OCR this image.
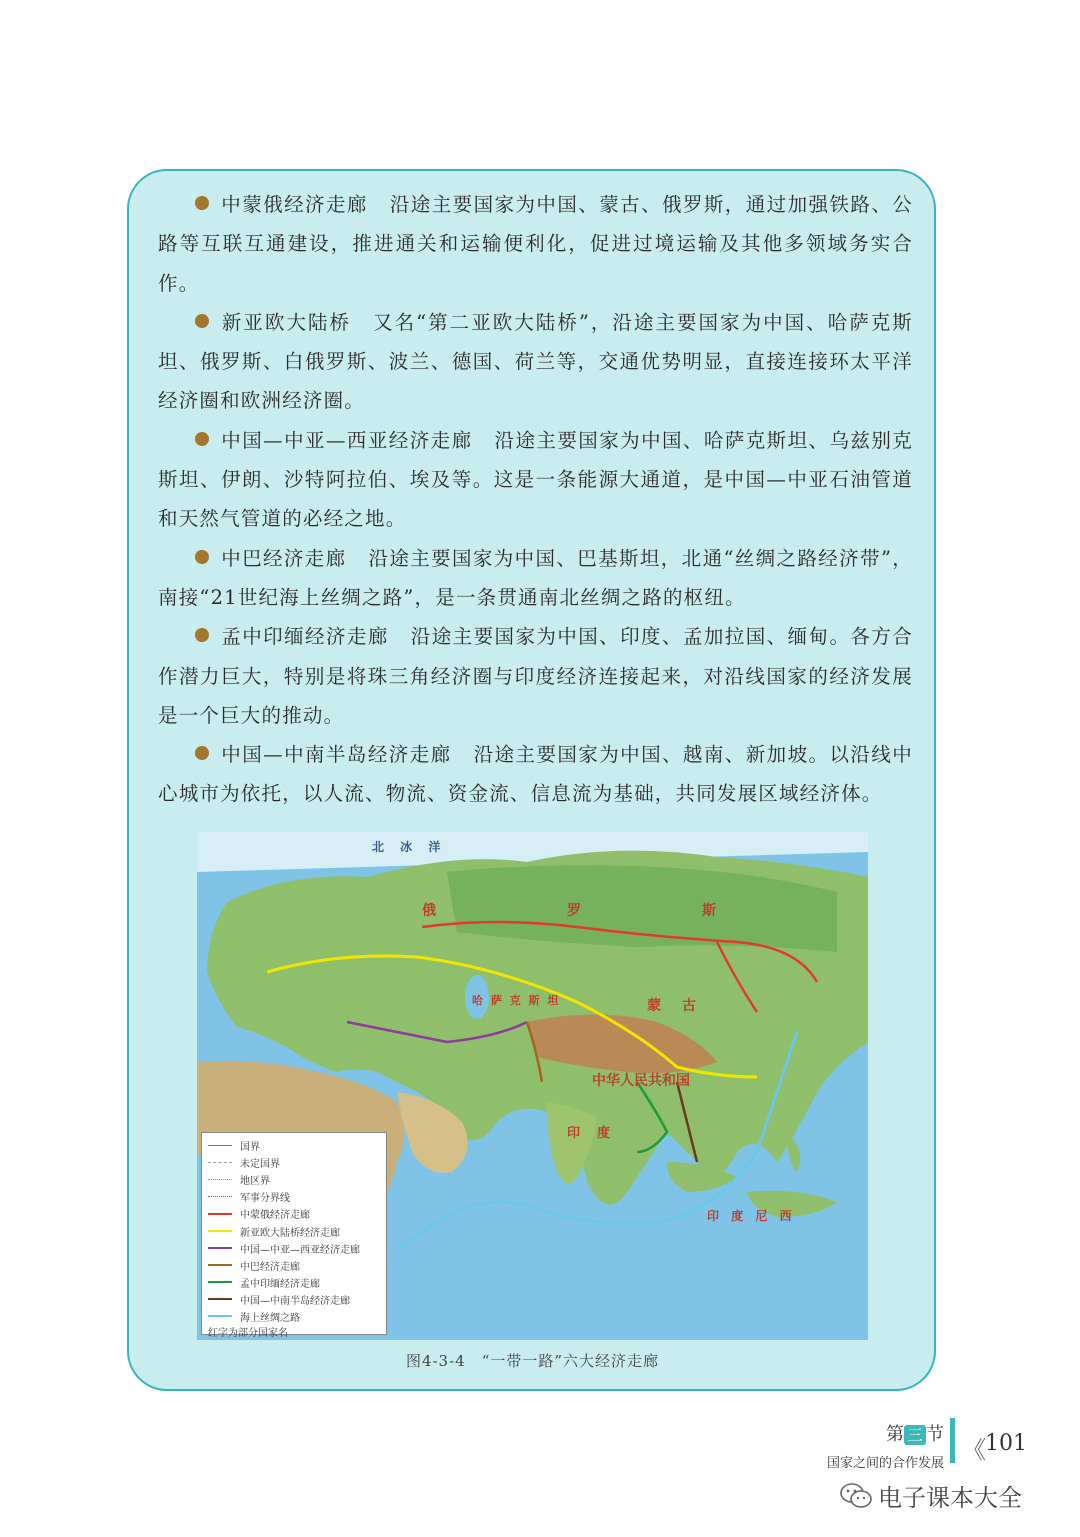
中蒙俄经济走廊 沿途主要国家为中国、蒙古、俄罗斯，通过加强铁路、公路等互联互通建设，推进通关和运输便利化，促进过境运输及其他多领域务实合作。

新亚欧大陆桥 又名“第二亚欧大陆桥”，沿途主要国家为中国、哈萨克斯坦、俄罗斯、白俄罗斯、波兰、德国、荷兰等，交通优势明显，直接连接环太平洋经济圈和欧洲经济圈。

中国—中亚—西亚经济走廊 沿途主要国家为中国、哈萨克斯坦、乌兹别克斯坦、伊朗、沙特阿拉伯、埃及等。这是一条能源大通道，是中国—中亚石油管道和天然气管道的必经之地。

中巴经济走廊 沿途主要国家为中国、巴基斯坦，北通“丝绸之路经济带”，南接“21世纪海上丝绸之路”，是一条贯通南北丝绸之路的枢纽。

孟中印缅经济走廊 沿途主要国家为中国、印度、孟加拉国、缅甸。各方合作潜力巨大，特别是将珠三角经济圈与印度经济连接起来，对沿线国家的经济发展是一个巨大的推动。

中国—中南半岛经济走廊 沿途主要国家为中国、越南、新加坡。以沿线中心城市为依托，以人流、物流、资金流、信息流为基础，共同发展区域经济体。

北 冰 洋
俄	罗	斯
哈 萨 克 斯 坦	蒙 古
中华人民共和国
印 度
印 度 尼 西
国界
未定国界
地区界
军事分界线
中蒙俄经济走廊
新亚欧大陆桥经济走廊
中国—中亚—西亚经济走廊
中巴经济走廊
孟中印缅经济走廊
中国—中南半岛经济走廊
海上丝绸之路
红字为部分国家名
图4-3-4　“一带一路”六大经济走廊
第 三 节
国家之间的合作发展 《 101
电子课本大全
